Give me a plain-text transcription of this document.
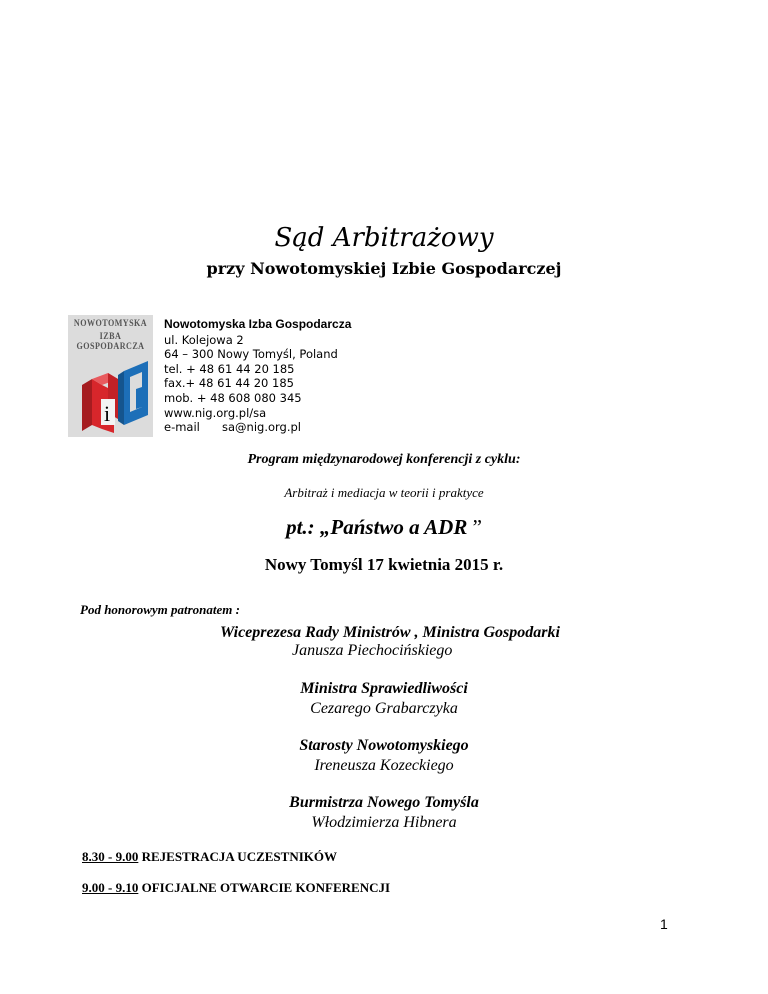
Sąd Arbitrażowy
przy Nowotomyskiej Izbie Gospodarczej
NOWOTOMYSKA
IZBA GOSPODARCZA
i
Nowotomyska Izba Gospodarcza
ul. Kolejowa 2
64 – 300 Nowy Tomyśl, Poland
tel. + 48 61 44 20 185
fax.+ 48 61 44 20 185
mob. + 48 608 080 345
www.nig.org.pl/sa
e-mail sa@nig.org.pl
Program międzynarodowej konferencji z cyklu:
Arbitraż i mediacja w teorii i praktyce
pt.: „Państwo a ADR ”
Nowy Tomyśl 17 kwietnia 2015 r.
Pod honorowym patronatem :
Wiceprezesa Rady Ministrów , Ministra Gospodarki
Janusza Piechocińskiego
Ministra Sprawiedliwości
Cezarego Grabarczyka
Starosty Nowotomyskiego
Ireneusza Kozeckiego
Burmistrza Nowego Tomyśla
Włodzimierza Hibnera
8.30 - 9.00 REJESTRACJA UCZESTNIKÓW
9.00 - 9.10 OFICJALNE OTWARCIE KONFERENCJI
1
